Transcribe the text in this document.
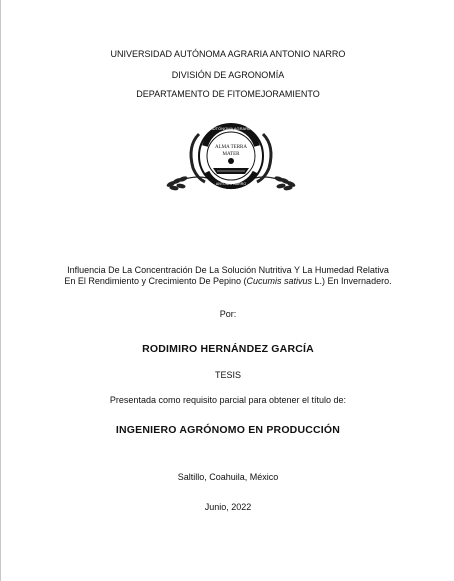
UNIVERSIDAD AUTÓNOMA AGRARIA ANTONIO NARRO
DIVISIÓN DE AGRONOMÍA
DEPARTAMENTO DE FITOMEJORAMIENTO
AUTÓNOMA AGRARIA
ANTONIO NARRO
ALMA TERRA
MATER
Influencia De La Concentración De La Solución Nutritiva Y La Humedad Relativa
En El Rendimiento y Crecimiento De Pepino (Cucumis sativus L.) En Invernadero.
Por:
RODIMIRO HERNÁNDEZ GARCÍA
TESIS
Presentada como requisito parcial para obtener el título de:
INGENIERO AGRÓNOMO EN PRODUCCIÓN
Saltillo, Coahuila, México
Junio, 2022
